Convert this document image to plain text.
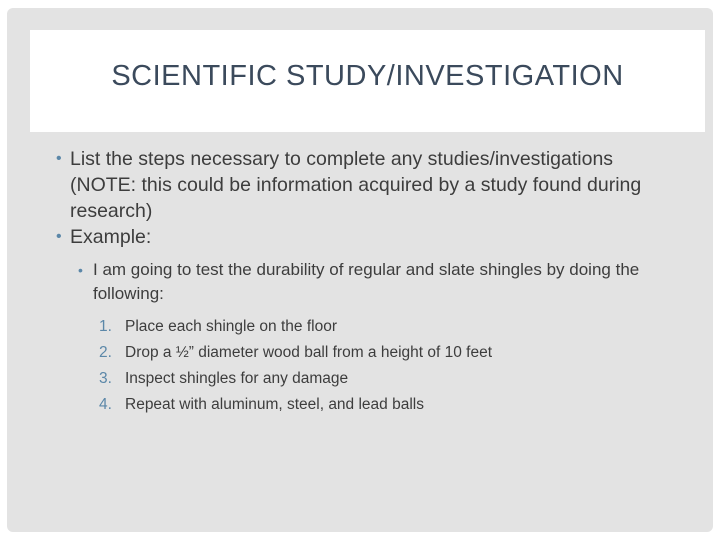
SCIENTIFIC STUDY/INVESTIGATION
• List the steps necessary to complete any studies/investigations (NOTE: this could be information acquired by a study found during research)
• Example:
• I am going to test the durability of regular and slate shingles by doing the following:
1. Place each shingle on the floor
2. Drop a ½” diameter wood ball from a height of 10 feet
3. Inspect shingles for any damage
4. Repeat with aluminum, steel, and lead balls
